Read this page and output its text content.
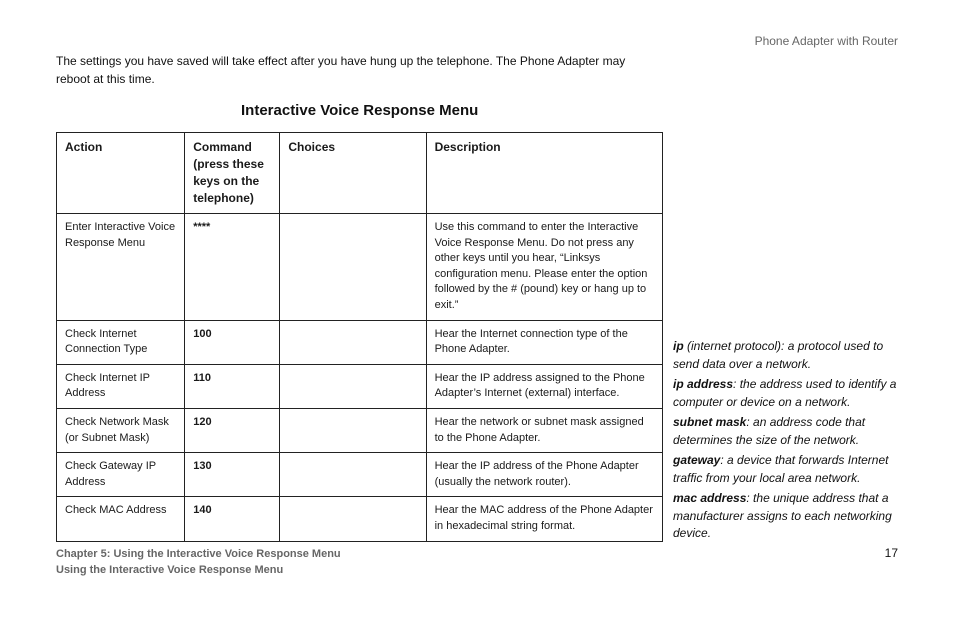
Phone Adapter with Router
The settings you have saved will take effect after you have hung up the telephone. The Phone Adapter may reboot at this time.
Interactive Voice Response Menu
Action	Command (press these keys on the telephone)	Choices	Description
Enter Interactive Voice Response Menu	****		Use this command to enter the Interactive Voice Response Menu. Do not press any other keys until you hear, “Linksys configuration menu. Please enter the option followed by the # (pound) key or hang up to exit.”
Check Internet Connection Type	100		Hear the Internet connection type of the Phone Adapter.
Check Internet IP Address	110		Hear the IP address assigned to the Phone Adapter’s Internet (external) interface.
Check Network Mask (or Subnet Mask)	120		Hear the network or subnet mask assigned to the Phone Adapter.
Check Gateway IP Address	130		Hear the IP address of the Phone Adapter (usually the network router).
Check MAC Address	140		Hear the MAC address of the Phone Adapter in hexadecimal string format.

ip (internet protocol): a protocol used to send data over a network.

ip address: the address used to identify a computer or device on a network.

subnet mask: an address code that determines the size of the network.

gateway: a device that forwards Internet traffic from your local area network.

mac address: the unique address that a manufacturer assigns to each networking device.

Chapter 5: Using the Interactive Voice Response Menu
Using the Interactive Voice Response Menu
17
